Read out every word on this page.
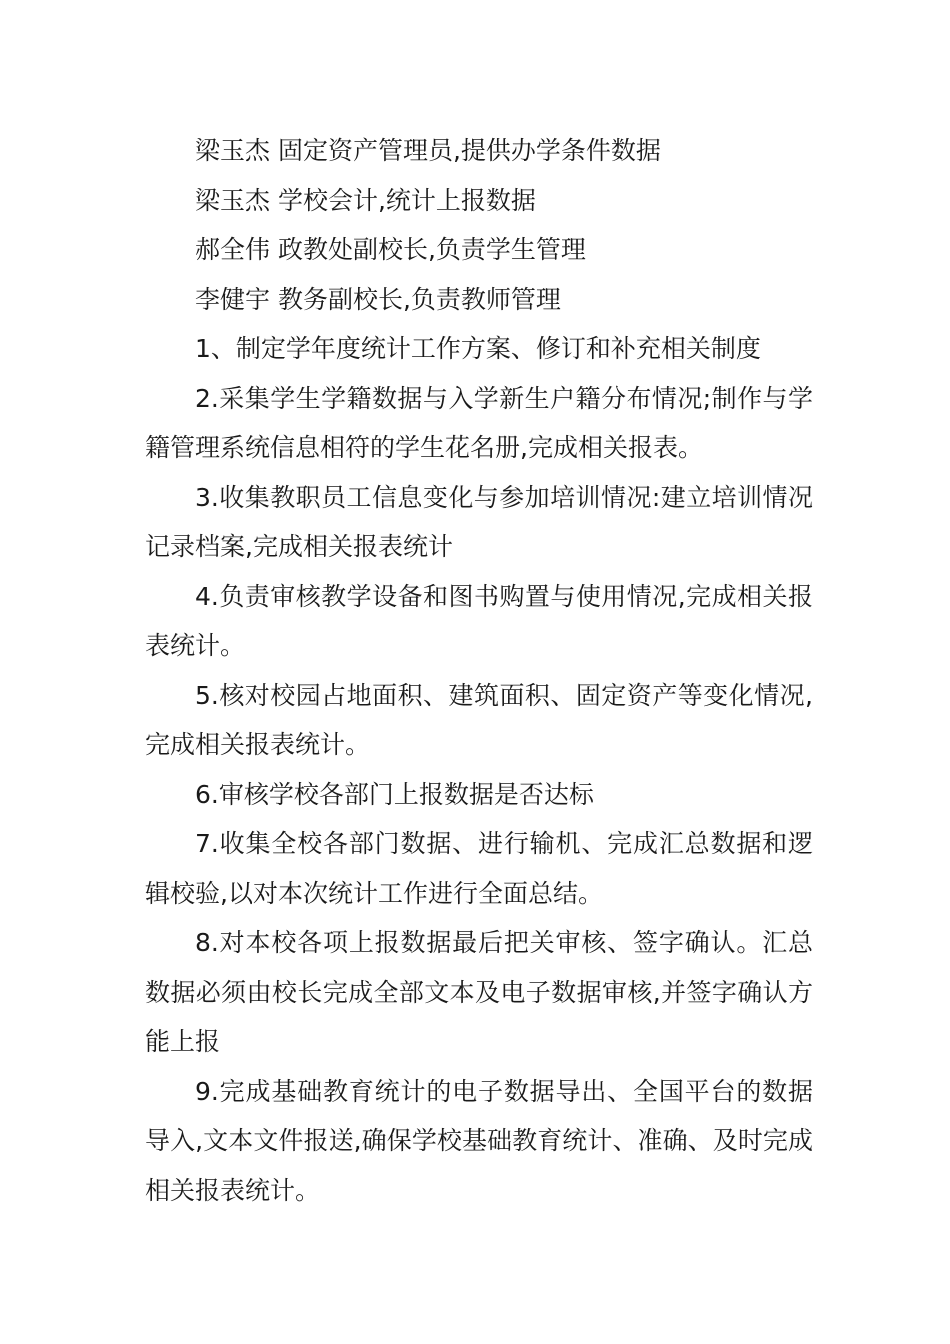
梁玉杰 固定资产管理员,提供办学条件数据

梁玉杰 学校会计,统计上报数据

郝全伟 政教处副校长,负责学生管理

李健宇 教务副校长,负责教师管理

1、制定学年度统计工作方案、修订和补充相关制度

2.采集学生学籍数据与入学新生户籍分布情况;制作与学籍管理系统信息相符的学生花名册,完成相关报表。

3.收集教职员工信息变化与参加培训情况:建立培训情况记录档案,完成相关报表统计

4.负责审核教学设备和图书购置与使用情况,完成相关报表统计。

5.核对校园占地面积、建筑面积、固定资产等变化情况,完成相关报表统计。

6.审核学校各部门上报数据是否达标

7.收集全校各部门数据、进行输机、完成汇总数据和逻辑校验,以对本次统计工作进行全面总结。

8.对本校各项上报数据最后把关审核、签字确认。汇总数据必须由校长完成全部文本及电子数据审核,并签字确认方能上报

9.完成基础教育统计的电子数据导出、全国平台的数据导入,文本文件报送,确保学校基础教育统计、准确、及时完成相关报表统计。
